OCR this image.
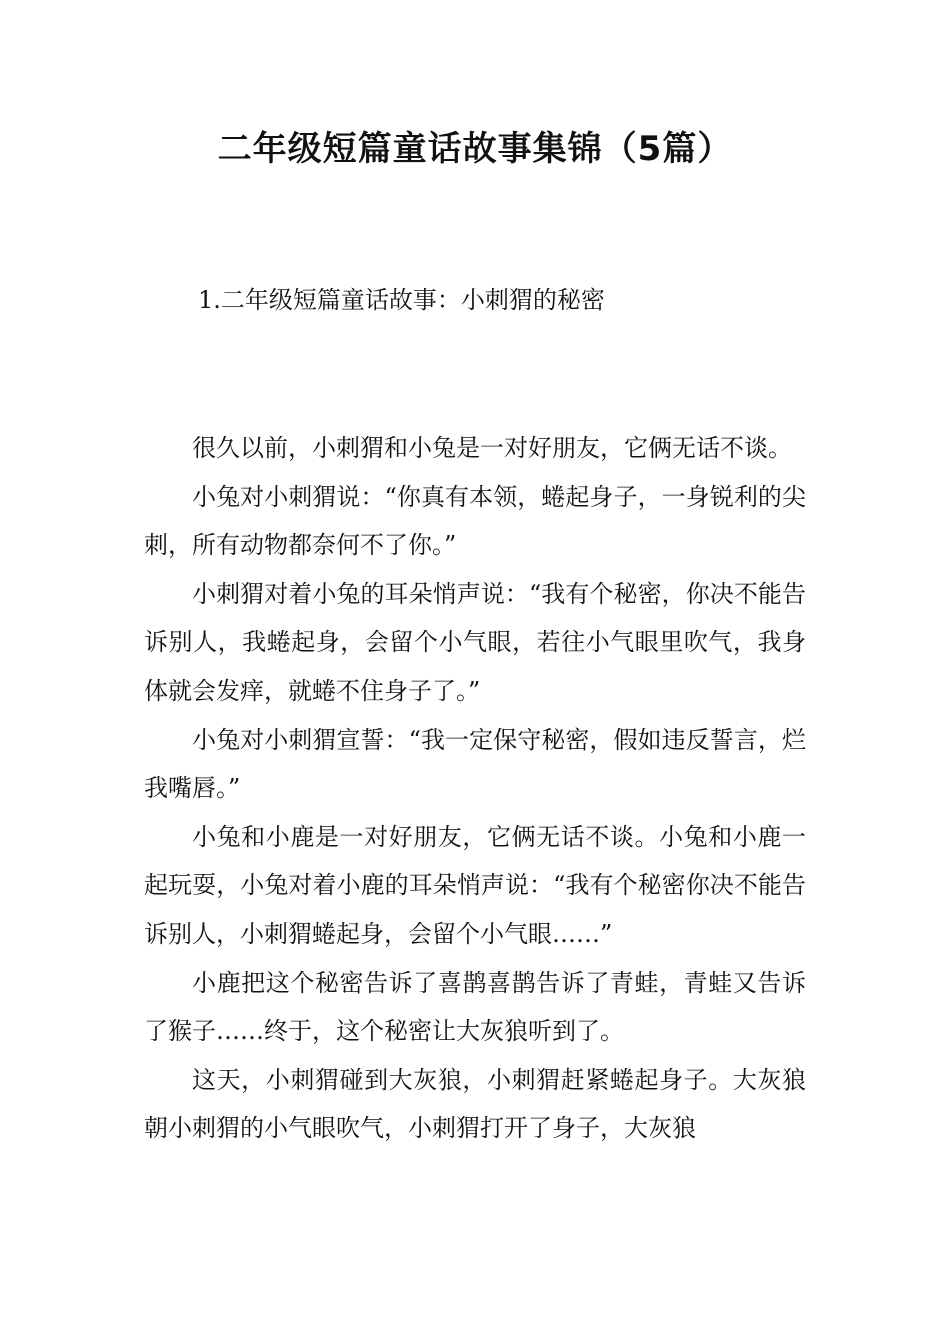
二年级短篇童话故事集锦（5篇）
1.二年级短篇童话故事：小刺猬的秘密

很久以前，小刺猬和小兔是一对好朋友，它俩无话不谈。

小兔对小刺猬说：“你真有本领，蜷起身子，一身锐利的尖刺，所有动物都奈何不了你。”

小刺猬对着小兔的耳朵悄声说：“我有个秘密，你决不能告诉别人，我蜷起身，会留个小气眼，若往小气眼里吹气，我身体就会发痒，就蜷不住身子了。”

小兔对小刺猬宣誓：“我一定保守秘密，假如违反誓言，烂我嘴唇。”

小兔和小鹿是一对好朋友，它俩无话不谈。小兔和小鹿一起玩耍，小兔对着小鹿的耳朵悄声说：“我有个秘密你决不能告诉别人，小刺猬蜷起身，会留个小气眼……”

小鹿把这个秘密告诉了喜鹊喜鹊告诉了青蛙，青蛙又告诉了猴子……终于，这个秘密让大灰狼听到了。

这天，小刺猬碰到大灰狼，小刺猬赶紧蜷起身子。大灰狼朝小刺猬的小气眼吹气，小刺猬打开了身子，大灰狼
